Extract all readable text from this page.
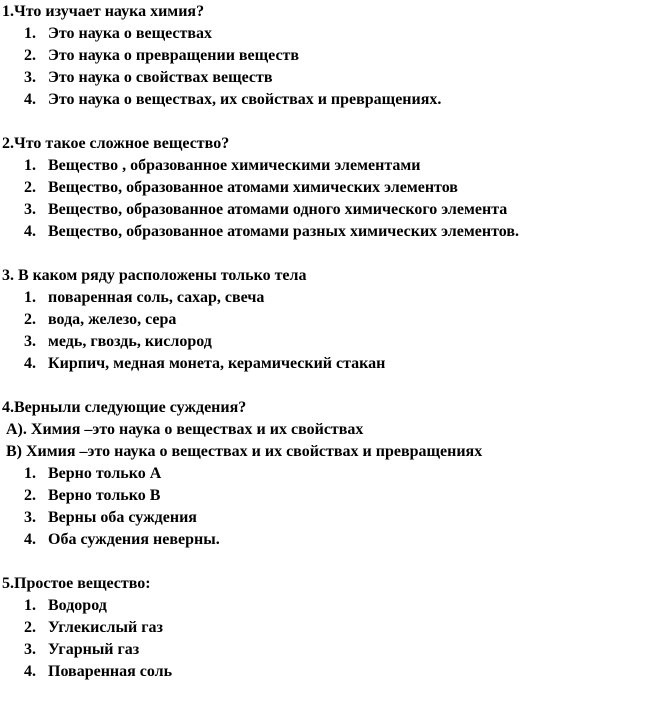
1.Что изучает наука химия?
1. Это наука о веществах
2. Это наука о превращении веществ
3. Это наука о свойствах веществ
4. Это наука о веществах, их свойствах и превращениях.
2.Что такое сложное вещество?
1. Вещество , образованное химическими элементами
2. Вещество, образованное атомами химических элементов
3. Вещество, образованное атомами одного химического элемента
4. Вещество, образованное атомами разных химических элементов.
3. В каком ряду расположены только тела
1. поваренная соль, сахар, свеча
2. вода, железо, сера
3. медь, гвоздь, кислород
4. Кирпич, медная монета, керамический стакан
4.Верныли следующие суждения?
А). Химия –это наука о веществах и их свойствах
В) Химия –это наука о веществах и их свойствах и превращениях
1. Верно только А
2. Верно только В
3. Верны оба суждения
4. Оба суждения неверны.
5.Простое вещество:
1. Водород
2. Углекислый газ
3. Угарный газ
4. Поваренная соль
